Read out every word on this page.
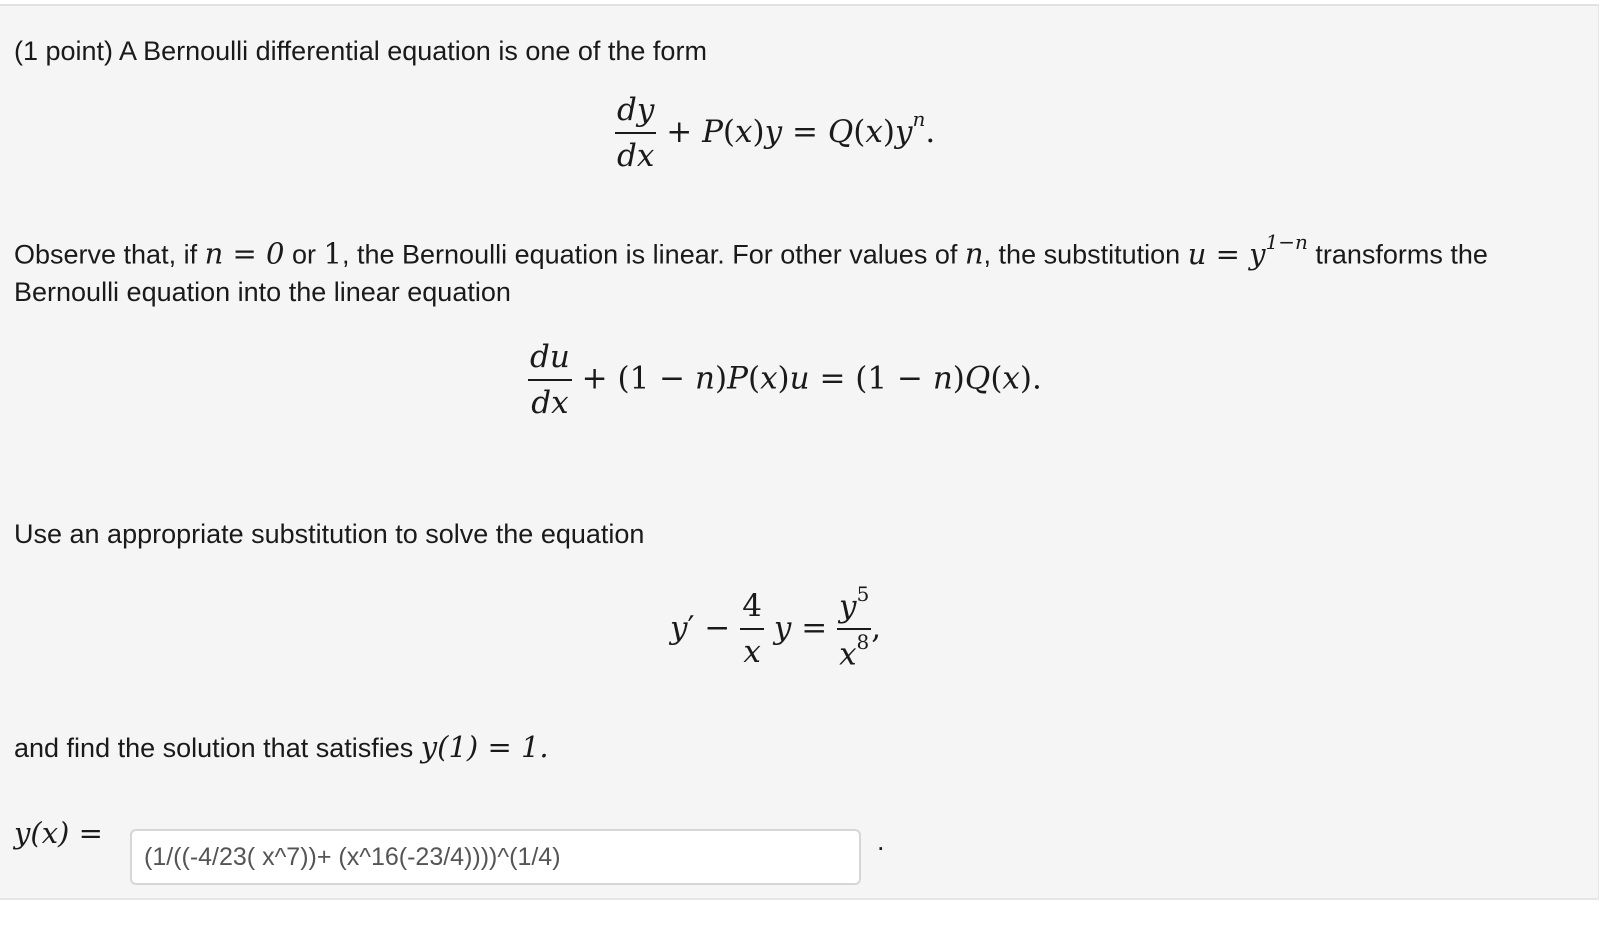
(1 point) A Bernoulli differential equation is one of the form
$\frac{dy}{dx} + P(x)y = Q(x)y^n$.
Observe that, if n = 0 or 1, the Bernoulli equation is linear. For other values of n, the substitution $u = y^{1-n}$ transforms the
Bernoulli equation into the linear equation
$\frac{du}{dx} + (1 - n)P(x)u = (1 - n)Q(x)$.
Use an appropriate substitution to solve the equation
$y' - \frac{4}{x}$ $y = \frac{y^5}{x^8}$ ,
and find the solution that satisfies y(1) = 1.
y(x) =
(1/((-4/23( x^7))+ (x^16(-23/4))))^(1/4)	.
